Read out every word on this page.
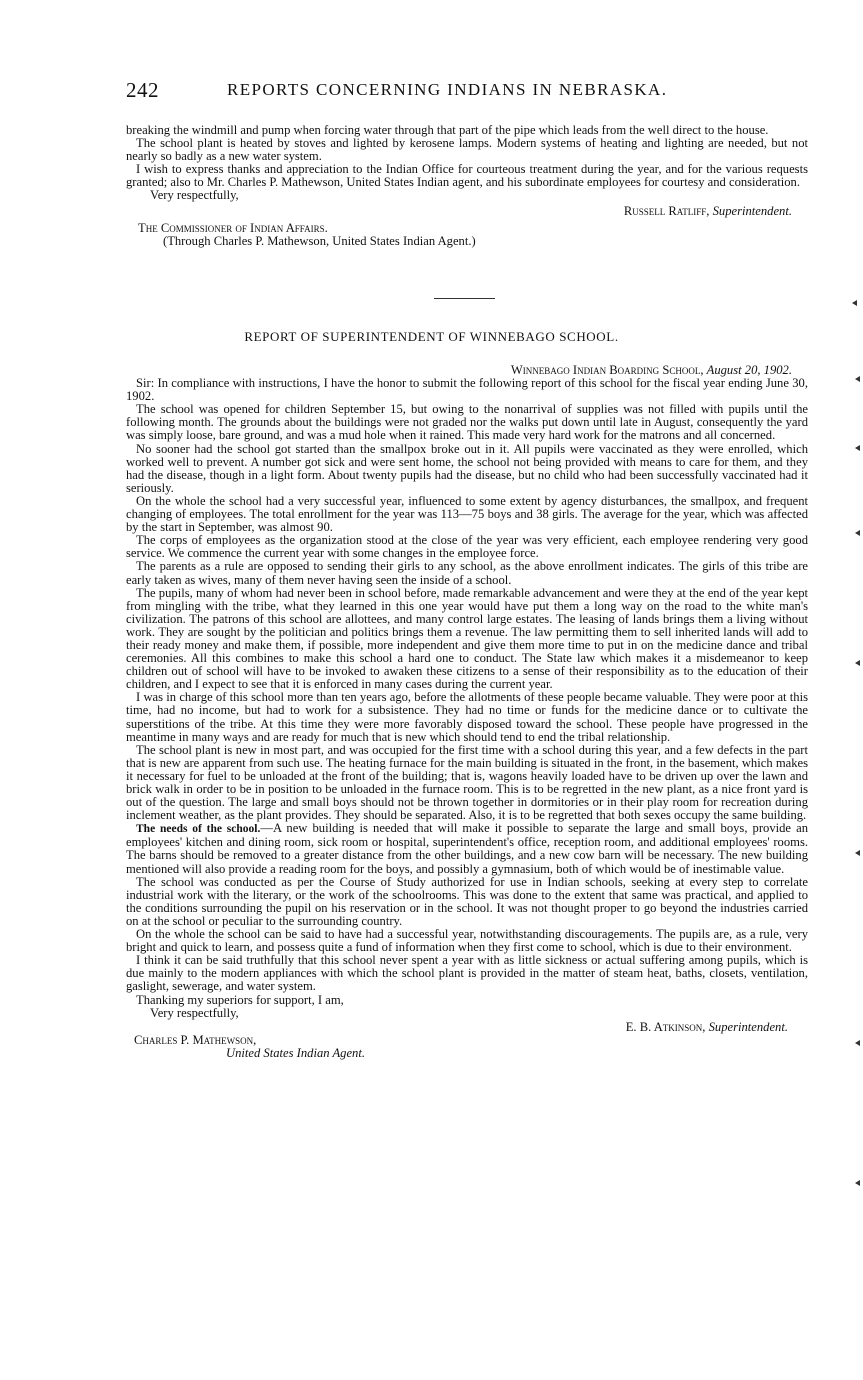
242	REPORTS CONCERNING INDIANS IN NEBRASKA.

breaking the windmill and pump when forcing water through that part of the pipe which leads from the well direct to the house.

The school plant is heated by stoves and lighted by kerosene lamps. Modern systems of heating and lighting are needed, but not nearly so badly as a new water system.

I wish to express thanks and appreciation to the Indian Office for courteous treatment during the year, and for the various requests granted; also to Mr. Charles P. Mathewson, United States Indian agent, and his subordinate employees for courtesy and consideration.

Very respectfully,

Russell Ratliff, Superintendent.

The Commissioner of Indian Affairs.

(Through Charles P. Mathewson, United States Indian Agent.)

REPORT OF SUPERINTENDENT OF WINNEBAGO SCHOOL.

Winnebago Indian Boarding School, August 20, 1902.

Sir: In compliance with instructions, I have the honor to submit the following report of this school for the fiscal year ending June 30, 1902.

The school was opened for children September 15, but owing to the nonarrival of supplies was not filled with pupils until the following month. The grounds about the buildings were not graded nor the walks put down until late in August, consequently the yard was simply loose, bare ground, and was a mud hole when it rained. This made very hard work for the matrons and all concerned.

No sooner had the school got started than the smallpox broke out in it. All pupils were vaccinated as they were enrolled, which worked well to prevent. A number got sick and were sent home, the school not being provided with means to care for them, and they had the disease, though in a light form. About twenty pupils had the disease, but no child who had been successfully vaccinated had it seriously.

On the whole the school had a very successful year, influenced to some extent by agency disturbances, the smallpox, and frequent changing of employees. The total enrollment for the year was 113—75 boys and 38 girls. The average for the year, which was affected by the start in September, was almost 90.

The corps of employees as the organization stood at the close of the year was very efficient, each employee rendering very good service. We commence the current year with some changes in the employee force.

The parents as a rule are opposed to sending their girls to any school, as the above enrollment indicates. The girls of this tribe are early taken as wives, many of them never having seen the inside of a school.

The pupils, many of whom had never been in school before, made remarkable advancement and were they at the end of the year kept from mingling with the tribe, what they learned in this one year would have put them a long way on the road to the white man's civilization. The patrons of this school are allottees, and many control large estates. The leasing of lands brings them a living without work. They are sought by the politician and politics brings them a revenue. The law permitting them to sell inherited lands will add to their ready money and make them, if possible, more independent and give them more time to put in on the medicine dance and tribal ceremonies. All this combines to make this school a hard one to conduct. The State law which makes it a misdemeanor to keep children out of school will have to be invoked to awaken these citizens to a sense of their responsibility as to the education of their children, and I expect to see that it is enforced in many cases during the current year.

I was in charge of this school more than ten years ago, before the allotments of these people became valuable. They were poor at this time, had no income, but had to work for a subsistence. They had no time or funds for the medicine dance or to cultivate the superstitions of the tribe. At this time they were more favorably disposed toward the school. These people have progressed in the meantime in many ways and are ready for much that is new which should tend to end the tribal relationship.

The school plant is new in most part, and was occupied for the first time with a school during this year, and a few defects in the part that is new are apparent from such use. The heating furnace for the main building is situated in the front, in the basement, which makes it necessary for fuel to be unloaded at the front of the building; that is, wagons heavily loaded have to be driven up over the lawn and brick walk in order to be in position to be unloaded in the furnace room. This is to be regretted in the new plant, as a nice front yard is out of the question. The large and small boys should not be thrown together in dormitories or in their play room for recreation during inclement weather, as the plant provides. They should be separated. Also, it is to be regretted that both sexes occupy the same building.

The needs of the school.—A new building is needed that will make it possible to separate the large and small boys, provide an employees' kitchen and dining room, sick room or hospital, superintendent's office, reception room, and additional employees' rooms. The barns should be removed to a greater distance from the other buildings, and a new cow barn will be necessary. The new building mentioned will also provide a reading room for the boys, and possibly a gymnasium, both of which would be of inestimable value.

The school was conducted as per the Course of Study authorized for use in Indian schools, seeking at every step to correlate industrial work with the literary, or the work of the schoolrooms. This was done to the extent that same was practical, and applied to the conditions surrounding the pupil on his reservation or in the school. It was not thought proper to go beyond the industries carried on at the school or peculiar to the surrounding country.

On the whole the school can be said to have had a successful year, notwithstanding discouragements. The pupils are, as a rule, very bright and quick to learn, and possess quite a fund of information when they first come to school, which is due to their environment.

I think it can be said truthfully that this school never spent a year with as little sickness or actual suffering among pupils, which is due mainly to the modern appliances with which the school plant is provided in the matter of steam heat, baths, closets, ventilation, gaslight, sewerage, and water system.

Thanking my superiors for support, I am,

Very respectfully,

E. B. Atkinson, Superintendent.

Charles P. Mathewson,

United States Indian Agent.
